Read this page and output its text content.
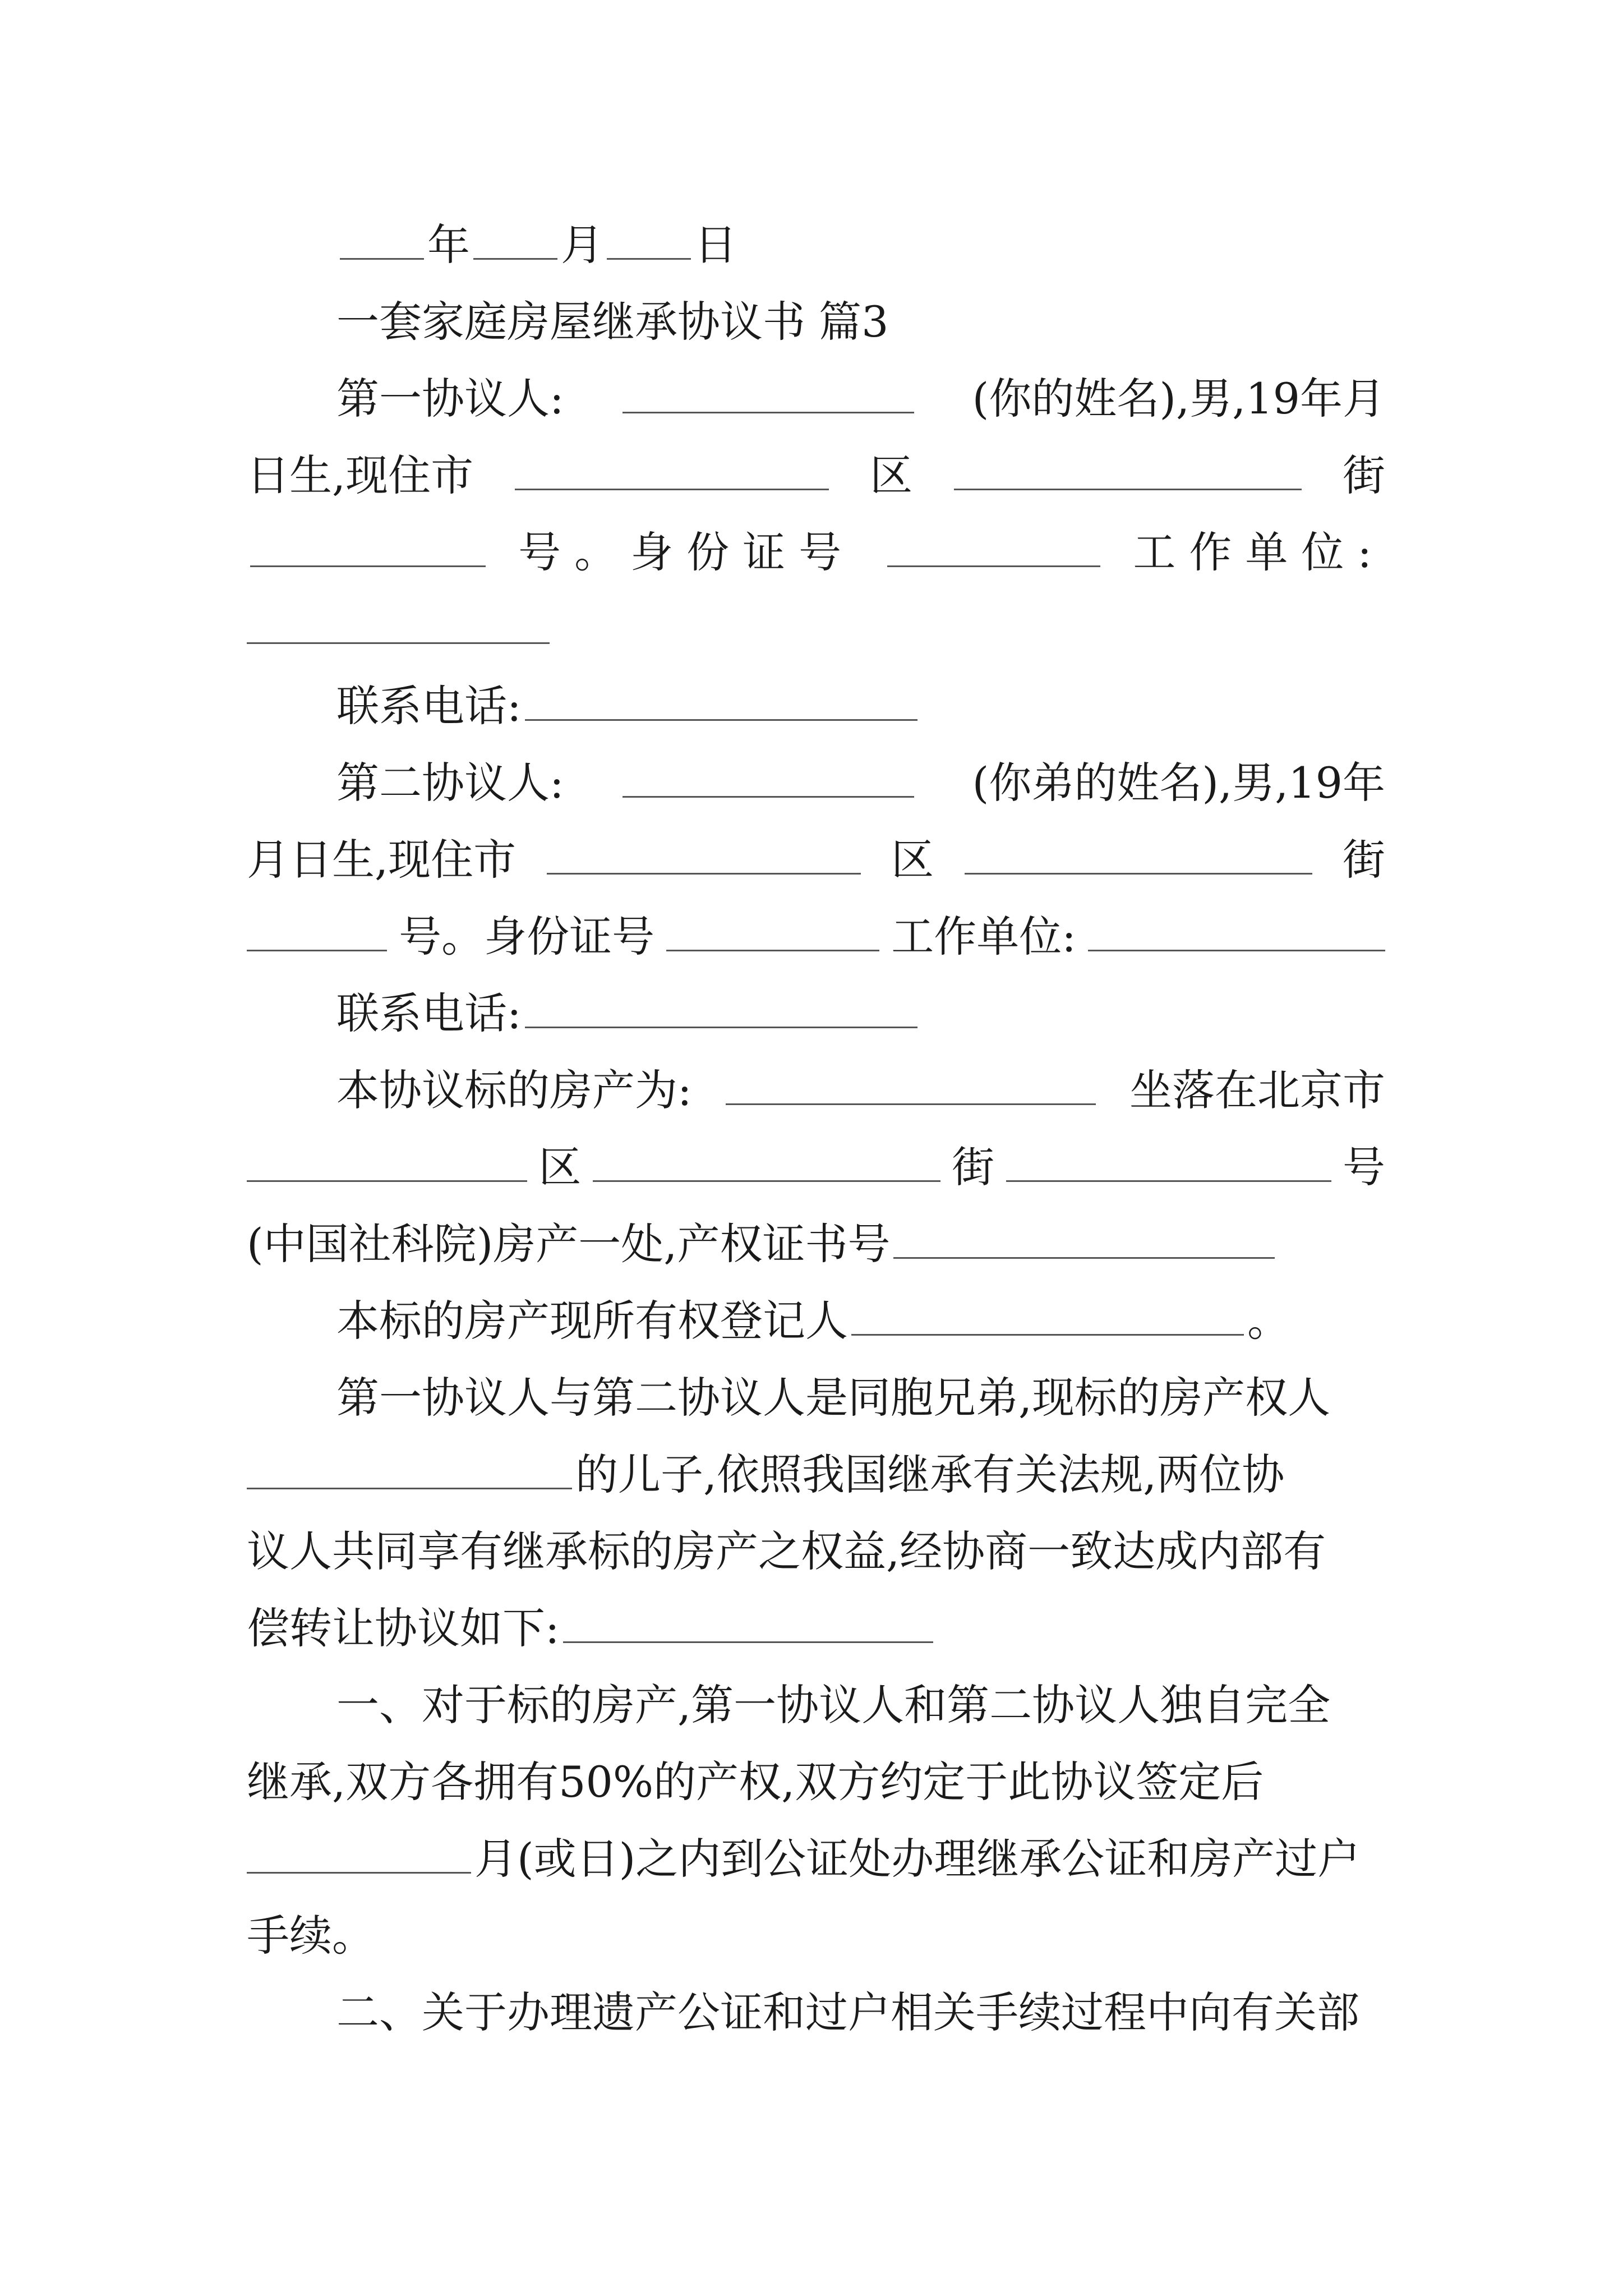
年 月 日
一套家庭房屋继承协议书 篇3
第一协议人:	(你的姓名),男,19年月
日生,现住市	区	街
号。身份证号	工作单位:
联系电话:
第二协议人:	(你弟的姓名),男,19年
月日生,现住市	区	街
号。身份证号	工作单位:
联系电话:
本协议标的房产为:	坐落在北京市
区	街	号
(中国社科院)房产一处,产权证书号
本标的房产现所有权登记人	。
第一协议人与第二协议人是同胞兄弟,现标的房产权人
的儿子,依照我国继承有关法规,两位协
议人共同享有继承标的房产之权益,经协商一致达成内部有
偿转让协议如下:
一、对于标的房产,第一协议人和第二协议人独自完全
继承,双方各拥有50%的产权,双方约定于此协议签定后
月(或日)之内到公证处办理继承公证和房产过户
手续。
二、关于办理遗产公证和过户相关手续过程中向有关部
